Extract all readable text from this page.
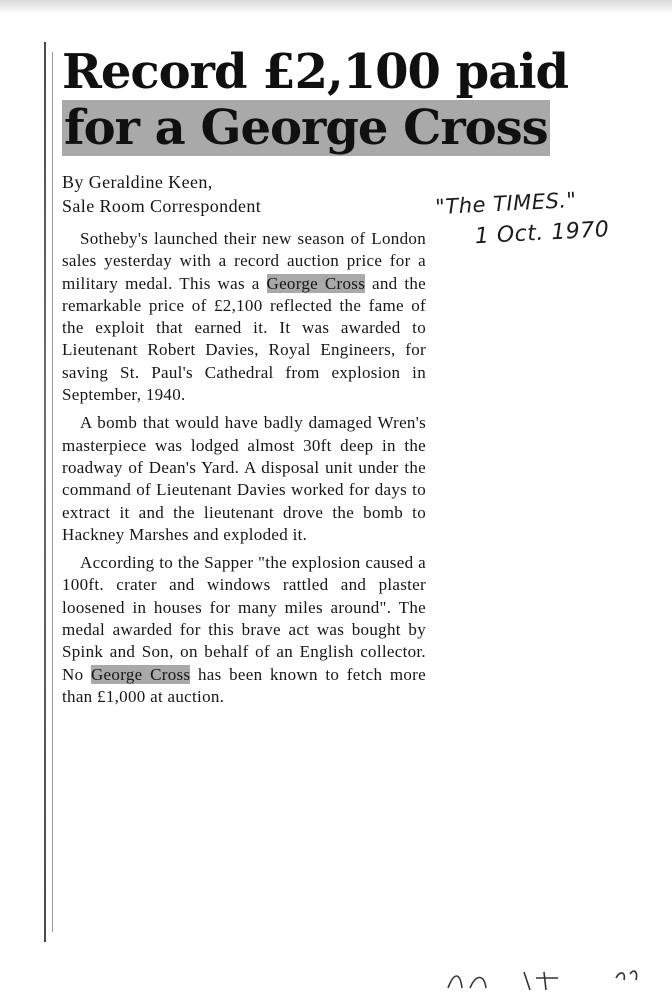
Record £2,100 paid
for a George Cross
By Geraldine Keen,
Sale Room Correspondent

Sotheby's launched their new season of London sales yesterday with a record auction price for a military medal. This was a George Cross and the remarkable price of £2,100 reflected the fame of the exploit that earned it. It was awarded to Lieutenant Robert Davies, Royal Engineers, for saving St. Paul's Cathedral from explosion in September, 1940.

A bomb that would have badly damaged Wren's masterpiece was lodged almost 30ft deep in the roadway of Dean's Yard. A disposal unit under the command of Lieutenant Davies worked for days to extract it and the lieutenant drove the bomb to Hackney Marshes and exploded it.

According to the Sapper "the explosion caused a 100ft. crater and windows rattled and plaster loosened in houses for many miles around". The medal awarded for this brave act was bought by Spink and Son, on behalf of an English collector. No George Cross has been known to fetch more than £1,000 at auction.

"The TIMES."
1 Oct. 1970
